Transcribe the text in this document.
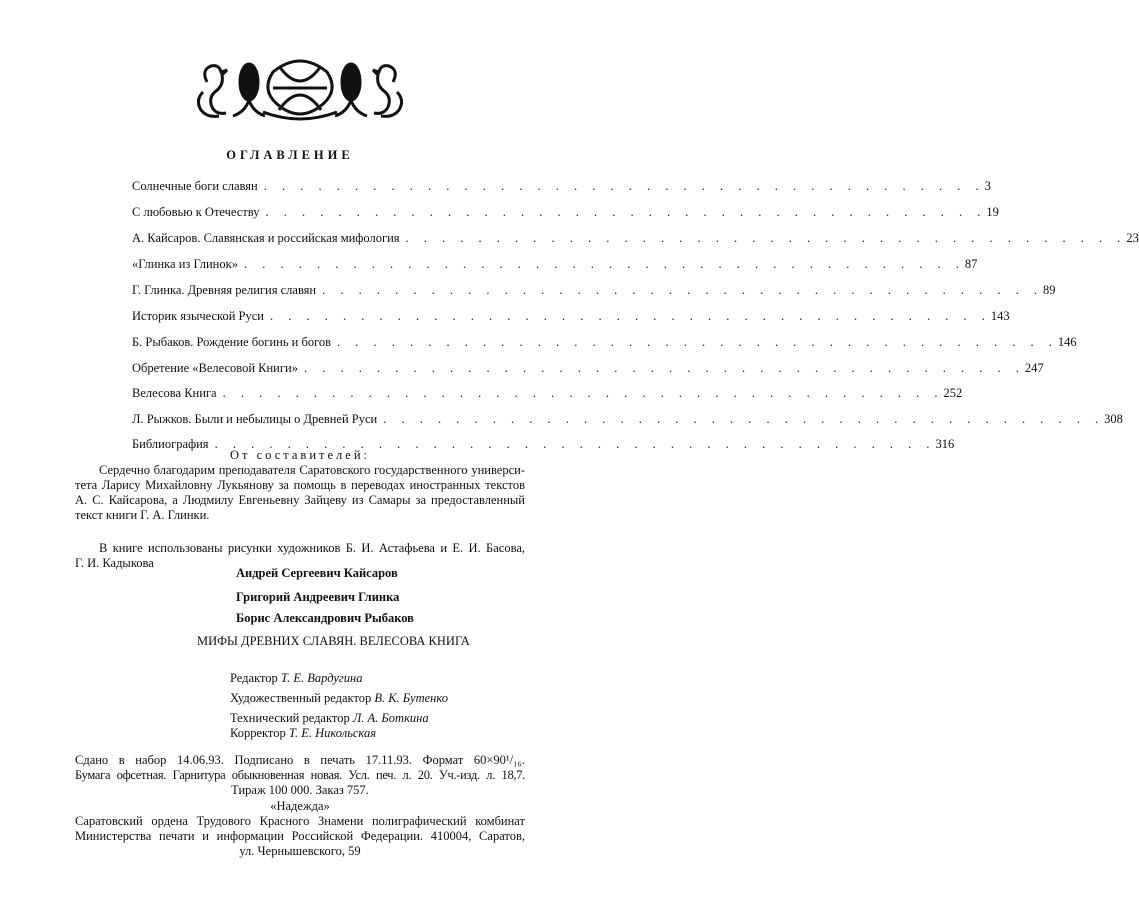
ОГЛАВЛЕНИЕ
Солнечные боги славян . . . . . . . . . . . . . . . . . . . . . . . . . . . . . . . . . . . . . . . . 3
С любовью к Отечеству . . . . . . . . . . . . . . . . . . . . . . . . . . . . . . . . . . . . . . . . 19
А. Кайсаров. Славянская и российская мифология . . . . . . . . . . . . . . . . . . . . . . . . . . . . . . . . . . . . . . . . 23
«Глинка из Глинок» . . . . . . . . . . . . . . . . . . . . . . . . . . . . . . . . . . . . . . . . 87
Г. Глинка. Древняя религия славян . . . . . . . . . . . . . . . . . . . . . . . . . . . . . . . . . . . . . . . . 89
Историк языческой Руси . . . . . . . . . . . . . . . . . . . . . . . . . . . . . . . . . . . . . . . . 143
Б. Рыбаков. Рождение богинь и богов . . . . . . . . . . . . . . . . . . . . . . . . . . . . . . . . . . . . . . . . 146
Обретение «Велесовой Книги» . . . . . . . . . . . . . . . . . . . . . . . . . . . . . . . . . . . . . . . . 247
Велесова Книга . . . . . . . . . . . . . . . . . . . . . . . . . . . . . . . . . . . . . . . . 252
Л. Рыжков. Были и небылицы о Древней Руси . . . . . . . . . . . . . . . . . . . . . . . . . . . . . . . . . . . . . . . . 308
Библиография . . . . . . . . . . . . . . . . . . . . . . . . . . . . . . . . . . . . . . . . 316
От составителей:
Сердечно благодарим преподавателя Саратовского государственного универси-
тета Ларису Михайловну Лукьянову за помощь в переводах иностранных текстов
А. С. Кайсарова, а Людмилу Евгеньевну Зайцеву из Самары за предоставленный
текст книги Г. А. Глинки.
В книге использованы рисунки художников Б. И. Астафьева и Е. И. Басова,
Г. И. Кадыкова
Андрей Сергеевич Кайсаров
Григорий Андреевич Глинка
Борис Александрович Рыбаков
МИФЫ ДРЕВНИХ СЛАВЯН. ВЕЛЕСОВА КНИГА
Редактор Т. Е. Вардугина
Художественный редактор В. К. Бутенко
Технический редактор Л. А. Боткина
Корректор Т. Е. Никольская
Сдано в набор 14.06.93. Подписано в печать 17.11.93. Формат 60×90¹/₁₆.
Бумага офсетная. Гарнитура обыкновенная новая. Усл. печ. л. 20. Уч.-изд. л. 18,7.
Тираж 100 000. Заказ 757.
«Надежда»
Саратовский ордена Трудового Красного Знамени полиграфический комбинат
Министерства печати и информации Российской Федерации. 410004, Саратов,
ул. Чернышевского, 59
